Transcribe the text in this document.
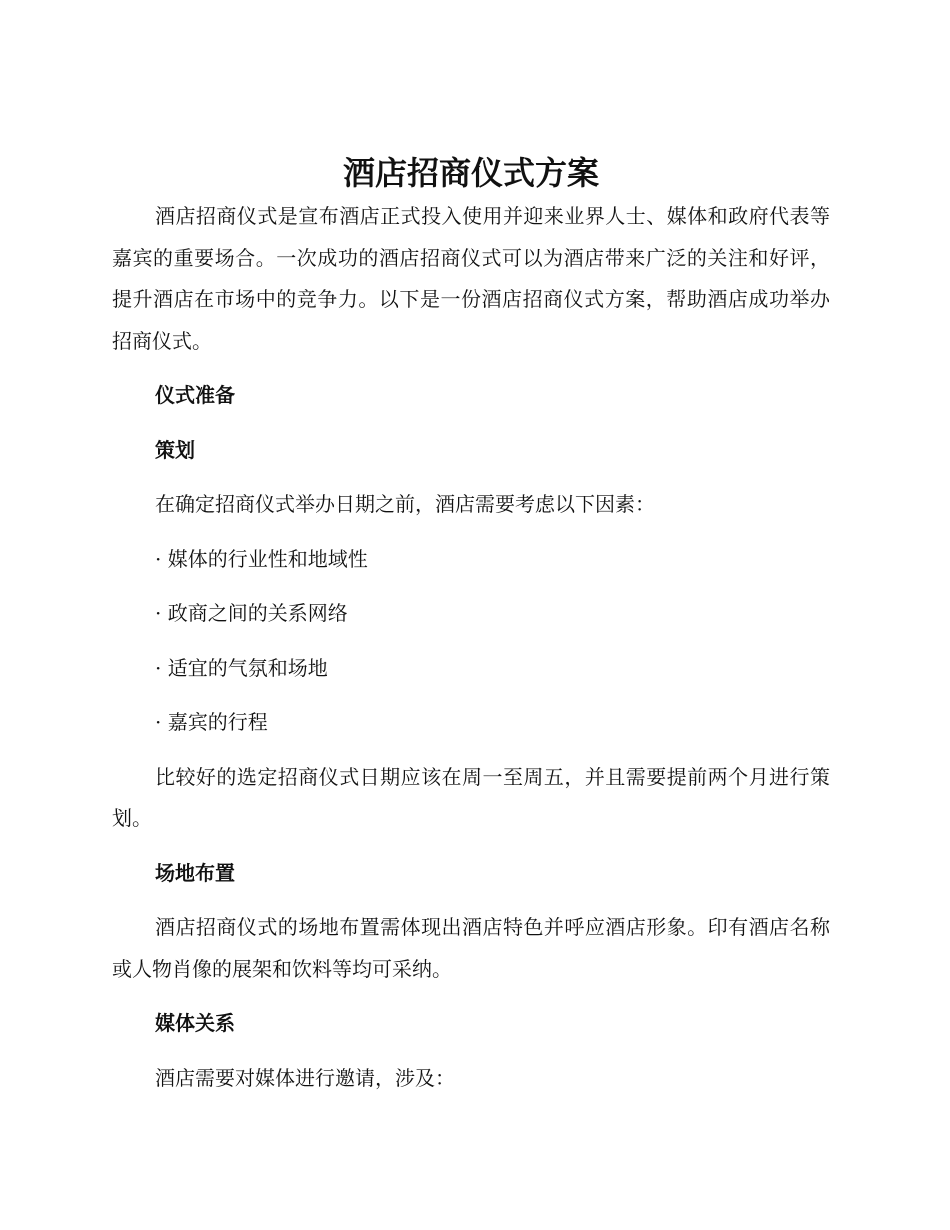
酒店招商仪式方案

酒店招商仪式是宣布酒店正式投入使用并迎来业界人士、媒体和政府代表等嘉宾的重要场合。一次成功的酒店招商仪式可以为酒店带来广泛的关注和好评，提升酒店在市场中的竞争力。以下是一份酒店招商仪式方案，帮助酒店成功举办招商仪式。

仪式准备

策划

在确定招商仪式举办日期之前，酒店需要考虑以下因素：

· 媒体的行业性和地域性

· 政商之间的关系网络

· 适宜的气氛和场地

· 嘉宾的行程

比较好的选定招商仪式日期应该在周一至周五，并且需要提前两个月进行策划。

场地布置

酒店招商仪式的场地布置需体现出酒店特色并呼应酒店形象。印有酒店名称或人物肖像的展架和饮料等均可采纳。

媒体关系

酒店需要对媒体进行邀请，涉及：
